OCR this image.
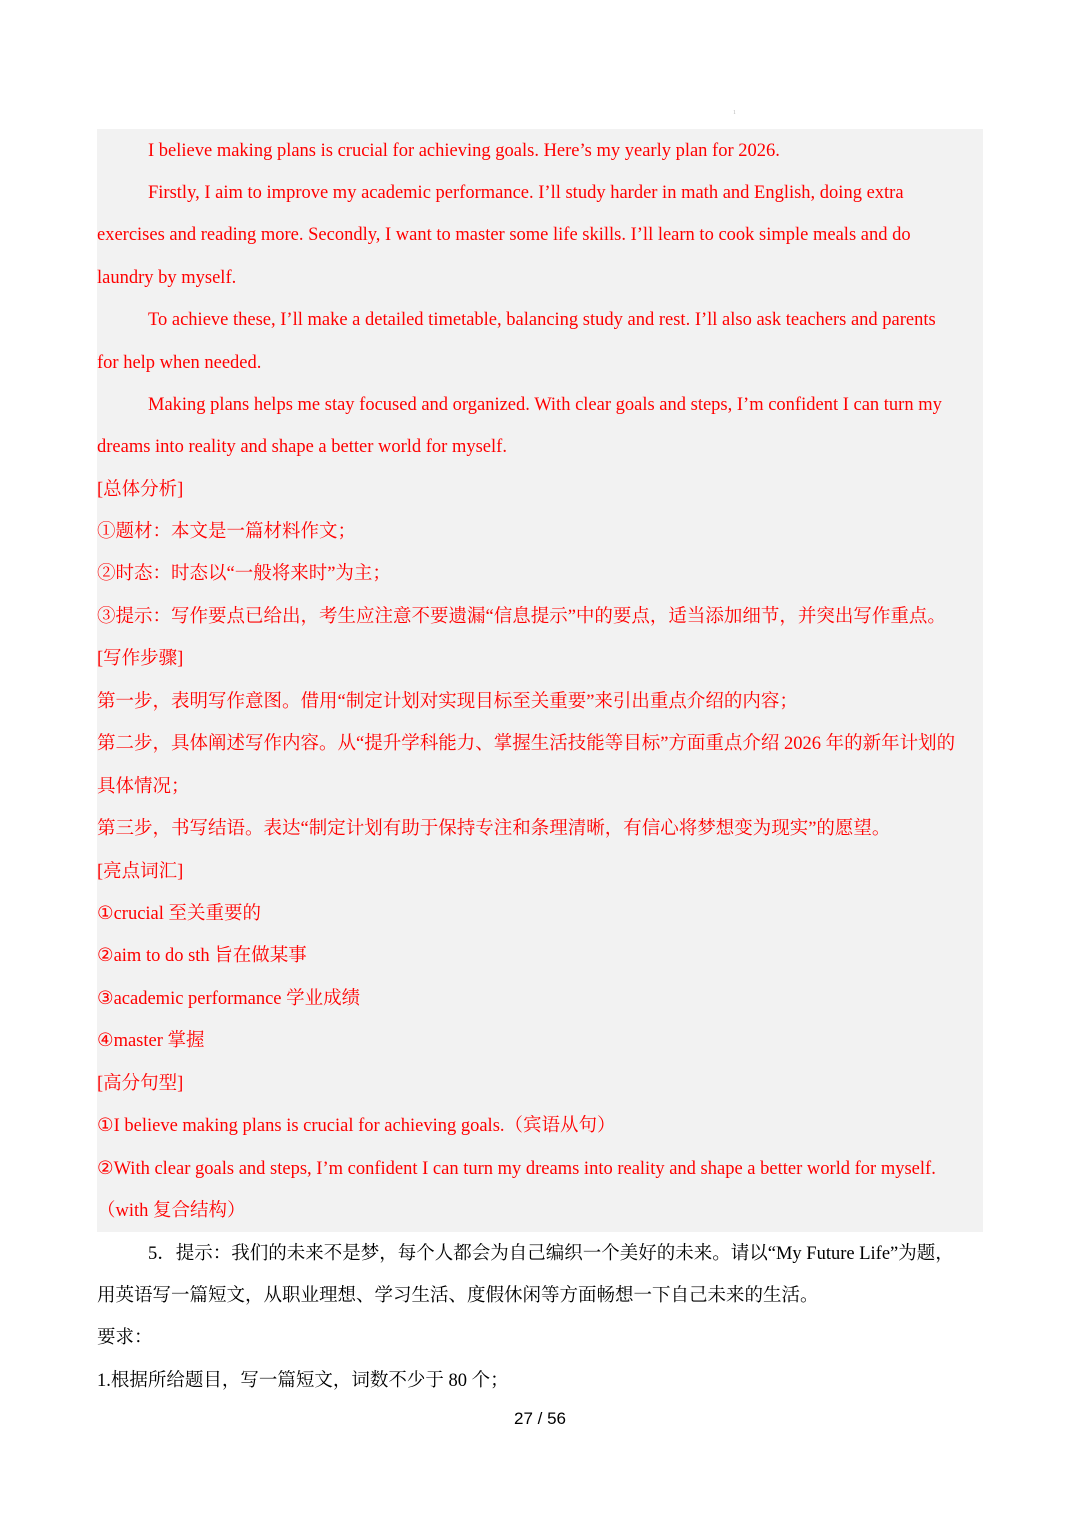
1
I believe making plans is crucial for achieving goals. Here’s my yearly plan for 2026.
Firstly, I aim to improve my academic performance. I’ll study harder in math and English, doing extra
exercises and reading more. Secondly, I want to master some life skills. I’ll learn to cook simple meals and do
laundry by myself.
To achieve these, I’ll make a detailed timetable, balancing study and rest. I’ll also ask teachers and parents
for help when needed.
Making plans helps me stay focused and organized. With clear goals and steps, I’m confident I can turn my
dreams into reality and shape a better world for myself.
[总体分析]
①题材：本文是一篇材料作文；
②时态：时态以“一般将来时”为主；
③提示：写作要点已给出，考生应注意不要遗漏“信息提示”中的要点，适当添加细节，并突出写作重点。
[写作步骤]
第一步，表明写作意图。借用“制定计划对实现目标至关重要”来引出重点介绍的内容；
第二步，具体阐述写作内容。从“提升学科能力、掌握生活技能等目标”方面重点介绍 2026 年的新年计划的
具体情况；
第三步，书写结语。表达“制定计划有助于保持专注和条理清晰，有信心将梦想变为现实”的愿望。
[亮点词汇]
①crucial 至关重要的
②aim to do sth 旨在做某事
③academic performance 学业成绩
④master 掌握
[高分句型]
①I believe making plans is crucial for achieving goals.（宾语从句）
②With clear goals and steps, I’m confident I can turn my dreams into reality and shape a better world for myself.
（with 复合结构）
5．提示：我们的未来不是梦，每个人都会为自己编织一个美好的未来。请以“My Future Life”为题，
用英语写一篇短文，从职业理想、学习生活、度假休闲等方面畅想一下自己未来的生活。
要求：
1.根据所给题目，写一篇短文，词数不少于 80 个；
27 / 56
